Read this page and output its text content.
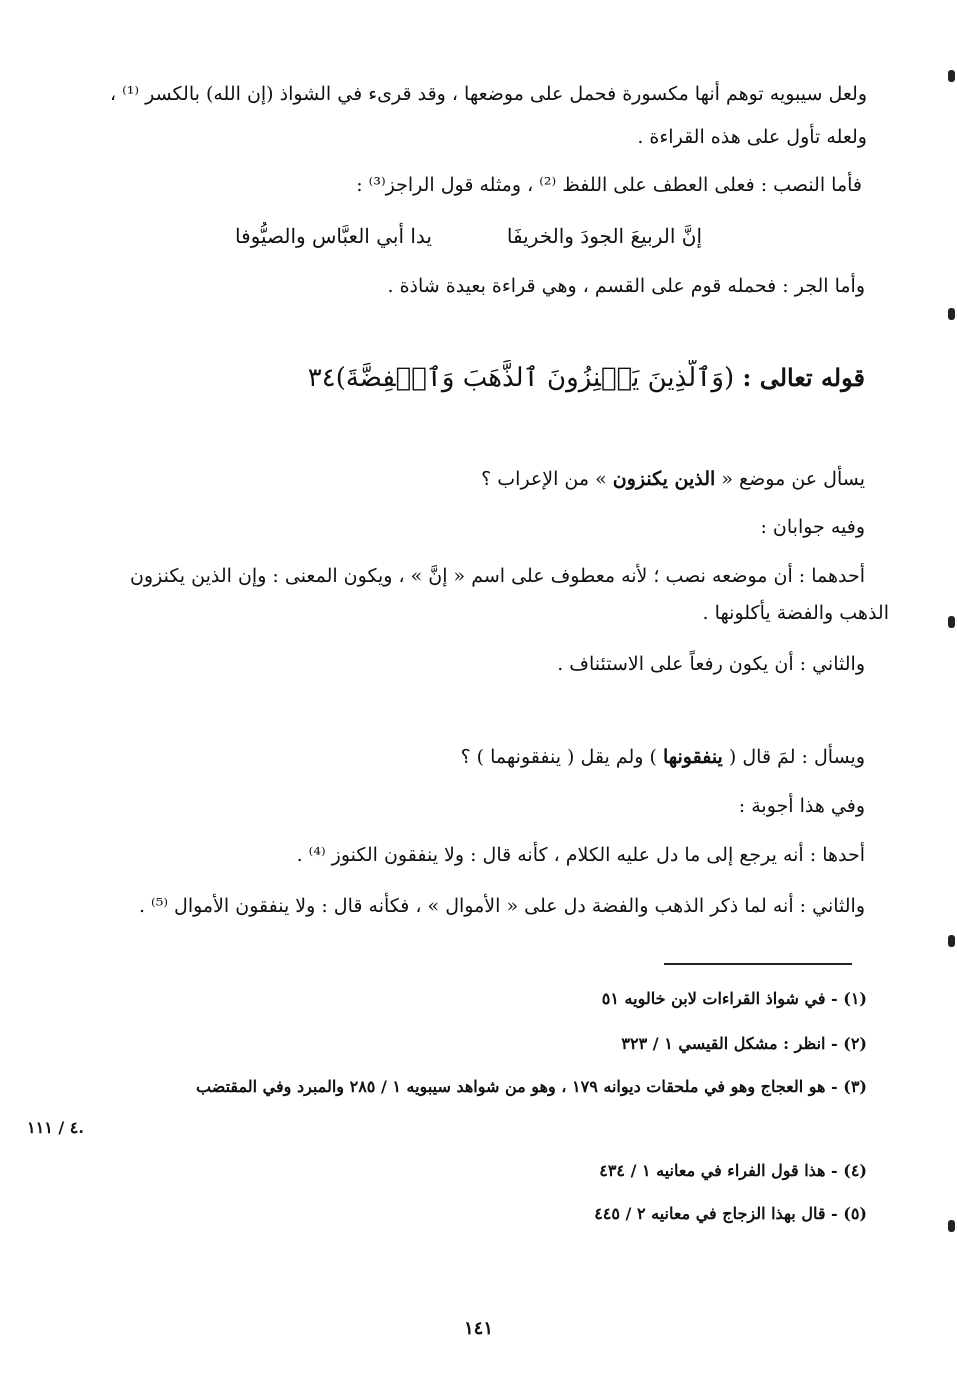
ولعل سيبويه توهم أنها مكسورة فحمل على موضعها ، وقد قرىء في الشواذ (إن الله) بالكسر ⁽¹⁾ ،
ولعله تأول على هذه القراءة .
فأما النصب : فعلى العطف على اللفظ ⁽²⁾ ، ومثله قول الراجز⁽³⁾ :
إنَّ الربيعَ الجودَ والخريفَا
يدا أبي العبَّاس والصيُّوفا
وأما الجر : فحمله قوم على القسم ، وهي قراءة بعيدة شاذة .
قوله تعالى : (وَٱلَّذِينَ يَكۡنِزُونَ ٱلذَّهَبَ وَٱلۡفِضَّةَ)٣٤
يسأل عن موضع « الذين يكنزون » من الإعراب ؟
وفيه جوابان :
أحدهما : أن موضعه نصب ؛ لأنه معطوف على اسم « إنَّ » ، ويكون المعنى : وإن الذين يكنزون
الذهب والفضة يأكلونها .
والثاني : أن يكون رفعاً على الاستئناف .
ويسأل : لمَ قال ( ينفقونها ) ولم يقل ( ينفقونهما ) ؟
وفي هذا أجوبة :
أحدها : أنه يرجع إلى ما دل عليه الكلام ، كأنه قال : ولا ينفقون الكنوز ⁽⁴⁾ .
والثاني : أنه لما ذكر الذهب والفضة دل على « الأموال » ، فكأنه قال : ولا ينفقون الأموال ⁽⁵⁾ .
(١) - في شواذ القراءات لابن خالويه ٥١
(٢) - انظر : مشكل القيسي ١ / ٣٢٣
(٣) - هو العجاج وهو في ملحقات ديوانه ١٧٩ ، وهو من شواهد سيبويه ١ / ٢٨٥ والمبرد وفي المقتضب
٤ / ١١١.
(٤) - هذا قول الفراء في معانيه ١ / ٤٣٤
(٥) - قال بهذا الزجاج في معانيه ٢ / ٤٤٥
١٤١
